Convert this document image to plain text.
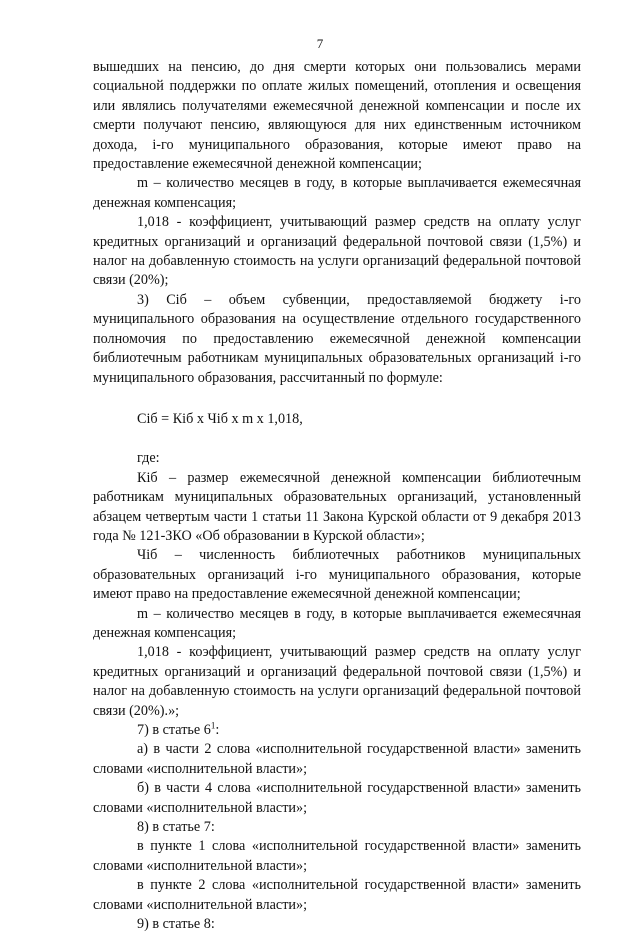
7

вышедших на пенсию, до дня смерти которых они пользовались мерами социальной поддержки по оплате жилых помещений, отопления и освещения или являлись получателями ежемесячной денежной компенсации и после их смерти получают пенсию, являющуюся для них единственным источником дохода, i-го муниципального образования, которые имеют право на предоставление ежемесячной денежной компенсации;

m – количество месяцев в году, в которые выплачивается ежемесячная денежная компенсация;

1,018 - коэффициент, учитывающий размер средств на оплату услуг кредитных организаций и организаций федеральной почтовой связи (1,5%) и налог на добавленную стоимость на услуги организаций федеральной почтовой связи (20%);

3) Сiб – объем субвенции, предоставляемой бюджету i-го муниципального образования на осуществление отдельного государственного полномочия по предоставлению ежемесячной денежной компенсации библиотечным работникам муниципальных образовательных организаций i-го муниципального образования, рассчитанный по формуле:

Сiб = Кiб x Чiб x m x 1,018,

где:

Кiб – размер ежемесячной денежной компенсации библиотечным работникам муниципальных образовательных организаций, установленный абзацем четвертым части 1 статьи 11 Закона Курской области от 9 декабря 2013 года № 121-ЗКО «Об образовании в Курской области»;

Чiб – численность библиотечных работников муниципальных образовательных организаций i-го муниципального образования, которые имеют право на предоставление ежемесячной денежной компенсации;

m – количество месяцев в году, в которые выплачивается ежемесячная денежная компенсация;

1,018 - коэффициент, учитывающий размер средств на оплату услуг кредитных организаций и организаций федеральной почтовой связи (1,5%) и налог на добавленную стоимость на услуги организаций федеральной почтовой связи (20%).»;

7) в статье $6^1$:

а) в части 2 слова «исполнительной государственной власти» заменить словами «исполнительной власти»;

б) в части 4 слова «исполнительной государственной власти» заменить словами «исполнительной власти»;

8) в статье 7:

в пункте 1 слова «исполнительной государственной власти» заменить словами «исполнительной власти»;

в пункте 2 слова «исполнительной государственной власти» заменить словами «исполнительной власти»;

9) в статье 8:
